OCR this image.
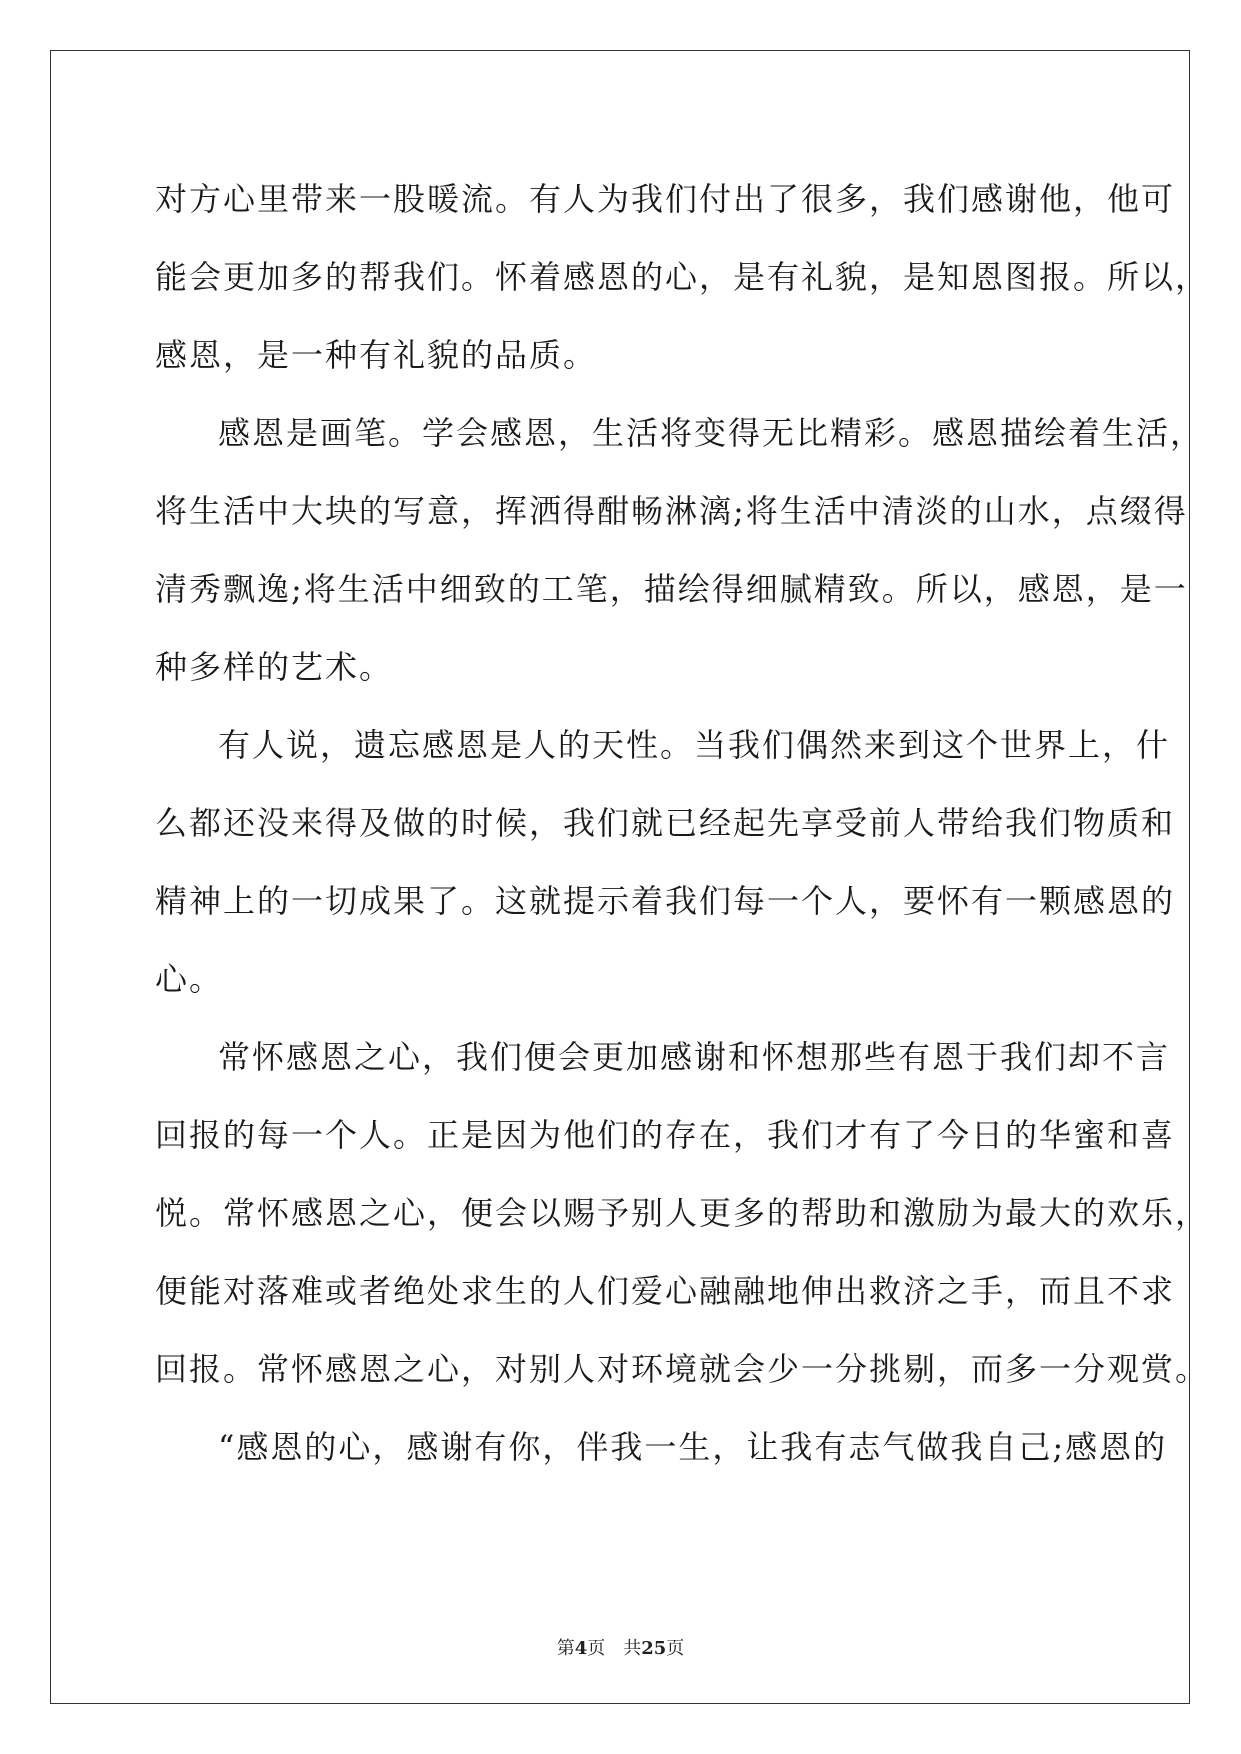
对方心里带来一股暖流。有人为我们付出了很多，我们感谢他，他可
能会更加多的帮我们。怀着感恩的心，是有礼貌，是知恩图报。所以，
感恩，是一种有礼貌的品质。
感恩是画笔。学会感恩，生活将变得无比精彩。感恩描绘着生活，
将生活中大块的写意，挥洒得酣畅淋漓;将生活中清淡的山水，点缀得
清秀飘逸;将生活中细致的工笔，描绘得细腻精致。所以，感恩，是一
种多样的艺术。
有人说，遗忘感恩是人的天性。当我们偶然来到这个世界上，什
么都还没来得及做的时候，我们就已经起先享受前人带给我们物质和
精神上的一切成果了。这就提示着我们每一个人，要怀有一颗感恩的
心。
常怀感恩之心，我们便会更加感谢和怀想那些有恩于我们却不言
回报的每一个人。正是因为他们的存在，我们才有了今日的华蜜和喜
悦。常怀感恩之心，便会以赐予别人更多的帮助和激励为最大的欢乐，
便能对落难或者绝处求生的人们爱心融融地伸出救济之手，而且不求
回报。常怀感恩之心，对别人对环境就会少一分挑剔，而多一分观赏。
“感恩的心，感谢有你，伴我一生，让我有志气做我自己;感恩的
第4页 共25页
